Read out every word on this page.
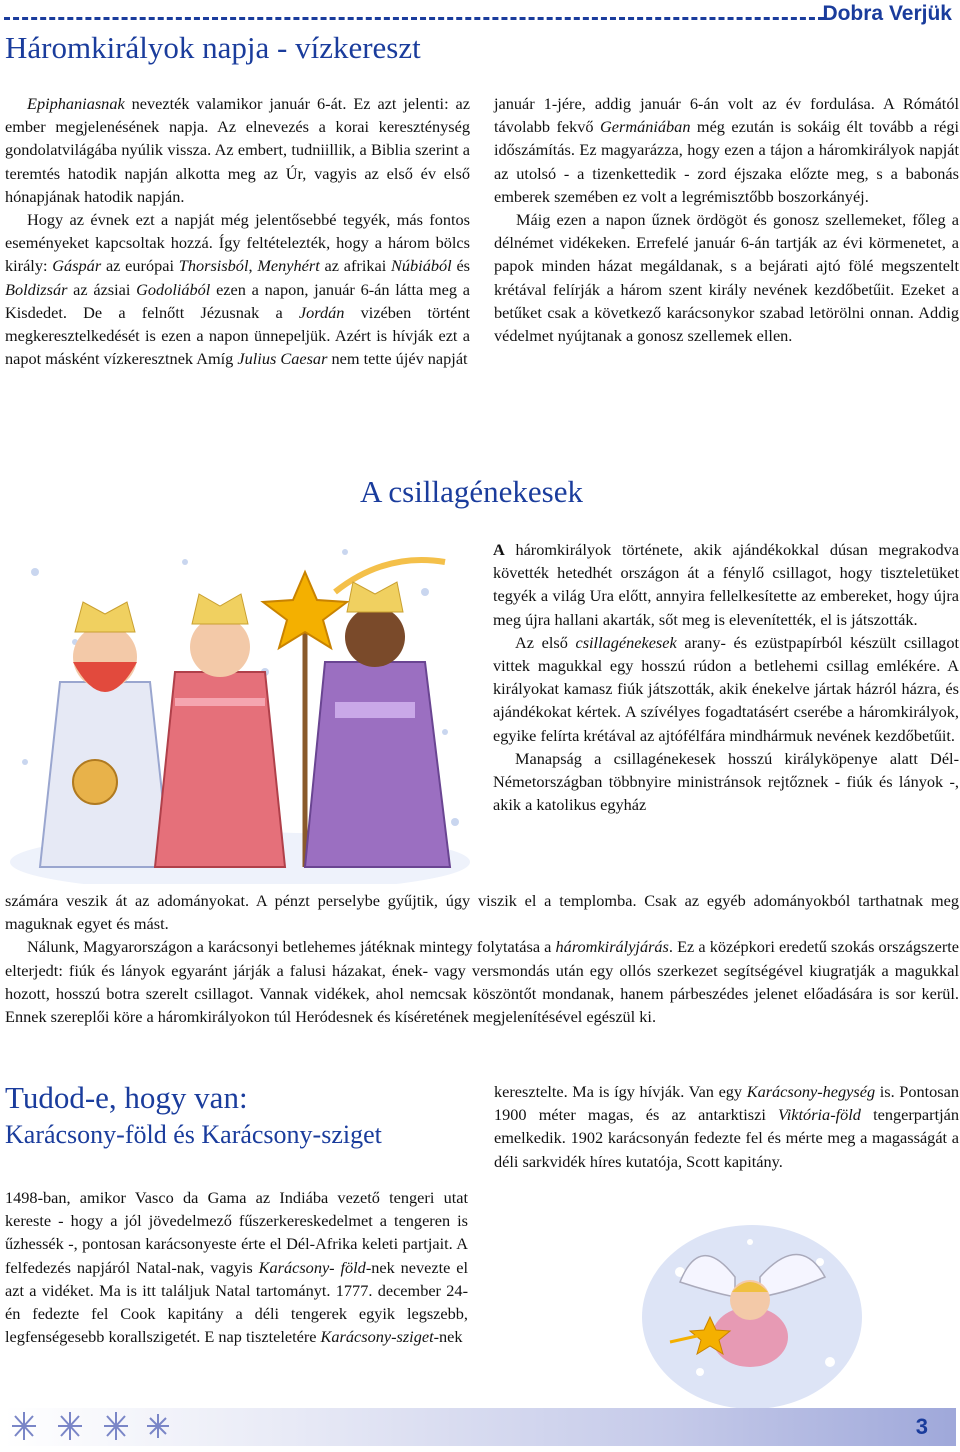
Dobra Verjük
Háromkirályok napja - vízkereszt

Epiphaniasnak nevezték valamikor január 6-át. Ez azt jelenti: az ember megjelenésének napja. Az elnevezés a korai kereszténység gondolatvilágába nyúlik vissza. Az embert, tudniillik, a Biblia szerint a teremtés hatodik napján alkotta meg az Úr, vagyis az első év első hónapjának hatodik napján.

Hogy az évnek ezt a napját még jelentősebbé tegyék, más fontos eseményeket kapcsoltak hozzá. Így feltételezték, hogy a három bölcs király: Gáspár az európai Thorsisból, Menyhért az afrikai Núbiából és Boldizsár az ázsiai Godoliából ezen a napon, január 6-án látta meg a Kisdedet. De a felnőtt Jézusnak a Jordán vizében történt megkeresztelkedését is ezen a napon ünnepeljük. Azért is hívják ezt a napot másként vízkeresztnek Amíg Julius Caesar nem tette újév napját

január 1-jére, addig január 6-án volt az év fordulása. A Rómától távolabb fekvő Germániában még ezután is sokáig élt tovább a régi időszámítás. Ez magyarázza, hogy ezen a tájon a háromkirályok napját az utolsó - a tizenkettedik - zord éjszaka előzte meg, s a babonás emberek szemében ez volt a legrémisztőbb boszorkányéj.

Máig ezen a napon űznek ördögöt és gonosz szellemeket, főleg a délnémet vidékeken. Errefelé január 6-án tartják az évi körmenetet, a papok minden házat megáldanak, s a bejárati ajtó fölé megszentelt krétával felírják a három szent király nevének kezdőbetűit. Ezeket a betűket csak a következő karácsonykor szabad letörölni onnan. Addig védelmet nyújtanak a gonosz szellemek ellen.

A csillagénekesek

A háromkirályok története, akik ajándékokkal dúsan megrakodva követték hetedhét országon át a fénylő csillagot, hogy tiszteletüket tegyék a világ Ura előtt, annyira fellelkesítette az embereket, hogy újra meg újra hallani akarták, sőt meg is elevenítették, el is játszották.

Az első csillagénekesek arany- és ezüstpapírból készült csillagot vittek magukkal egy hosszú rúdon a betlehemi csillag emlékére. A királyokat kamasz fiúk játszották, akik énekelve jártak házról házra, és ajándékokat kértek. A szívélyes fogadtatásért cserébe a háromkirályok, egyike felírta krétával az ajtófélfára mindhármuk nevének kezdőbetűit.

Manapság a csillagénekesek hosszú királyköpenye alatt Dél-Németországban többnyire ministránsok rejtőznek - fiúk és lányok -, akik a katolikus egyház

számára veszik át az adományokat. A pénzt perselybe gyűjtik, úgy viszik el a templomba. Csak az egyéb adományokból tarthatnak meg maguknak egyet és mást.

Nálunk, Magyarországon a karácsonyi betlehemes játéknak mintegy folytatása a háromkirályjárás. Ez a középkori eredetű szokás országszerte elterjedt: fiúk és lányok egyaránt járják a falusi házakat, ének- vagy versmondás után egy ollós szerkezet segítségével kiugratják a magukkal hozott, hosszú botra szerelt csillagot. Vannak vidékek, ahol nemcsak köszöntőt mondanak, hanem párbeszédes jelenet előadására is sor kerül. Ennek szereplői köre a háromkirályokon túl Heródesnek és kíséretének megjelenítésével egészül ki.

Tudod-e, hogy van:
Karácsony-föld és Karácsony-sziget

1498-ban, amikor Vasco da Gama az Indiába vezető tengeri utat kereste - hogy a jól jövedelmező fűszerkereskedelmet a tengeren is űzhessék -, pontosan karácsonyeste érte el Dél-Afrika keleti partjait. A felfedezés napjáról Natal-nak, vagyis Karácsony- föld-nek nevezte el azt a vidéket. Ma is itt találjuk Natal tartományt. 1777. december 24-én fedezte fel Cook kapitány a déli tengerek egyik legszebb, legfenségesebb korallszigetét. E nap tiszteletére Karácsony-sziget-nek

keresztelte. Ma is így hívják. Van egy Karácsony-hegység is. Pontosan 1900 méter magas, és az antarktiszi Viktória-föld tengerpartján emelkedik. 1902 karácsonyán fedezte fel és mérte meg a magasságát a déli sarkvidék híres kutatója, Scott kapitány.

3
